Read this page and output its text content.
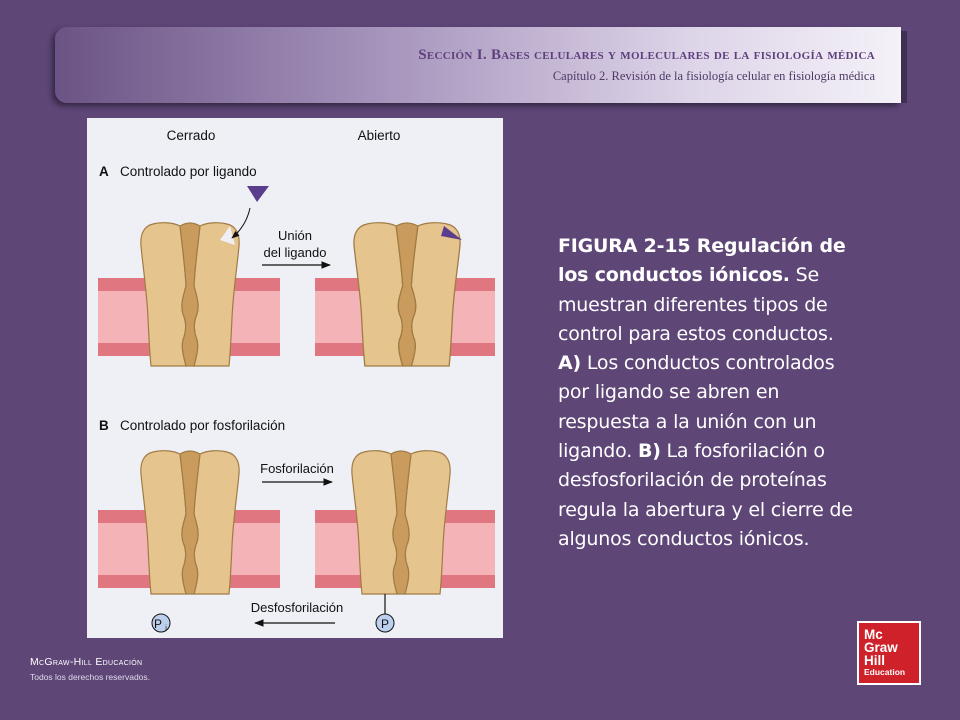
Sección I. Bases celulares y moleculares de la fisiología médica

Capítulo 2. Revisión de la fisiología celular en fisiología médica

Cerrado	Abierto
A Controlado por ligando
Unión
del ligando
B Controlado por fosforilación
Fosforilación
Desfosforilación
P i	P
FIGURA 2-15 Regulación de los conductos iónicos. Se muestran diferentes tipos de control para estos conductos. A) Los conductos controlados por ligando se abren en respuesta a la unión con un ligando. B) La fosforilación o desfosforilación de proteínas regula la abertura y el cierre de algunos conductos iónicos.
McGraw-Hill Educación
Todos los derechos reservados.
Mc
Graw
Hill
Education
